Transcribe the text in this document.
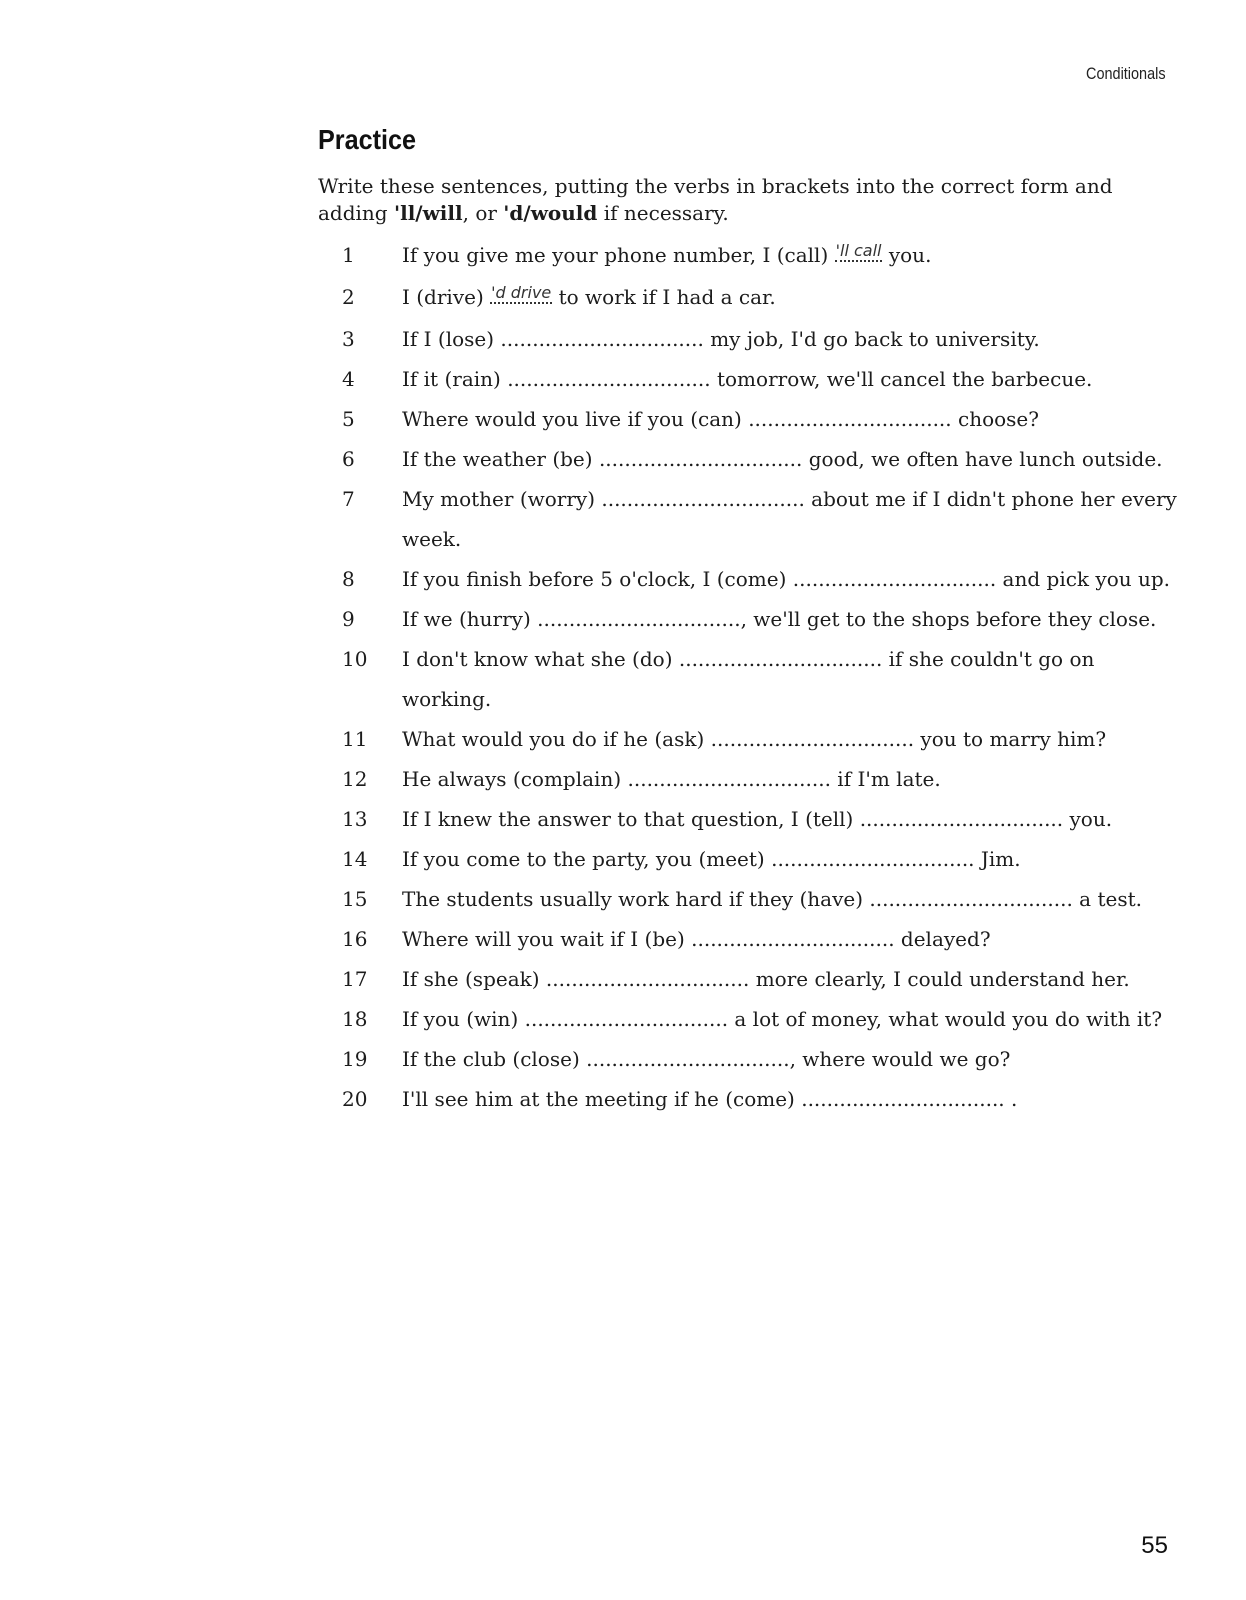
Conditionals
Practice

Write these sentences, putting the verbs in brackets into the correct form and adding 'll/will, or 'd/would if necessary.

1	If you give me your phone number, I (call) $^{'ll call}$ you.
2	I (drive) $^{'d drive}$ to work if I had a car.
3	If I (lose) ................................ my job, I'd go back to university.
4	If it (rain) ................................ tomorrow, we'll cancel the barbecue.
5	Where would you live if you (can) ................................ choose?
6	If the weather (be) ................................ good, we often have lunch outside.
7	My mother (worry) ................................ about me if I didn't phone her every week.
8	If you finish before 5 o'clock, I (come) ................................ and pick you up.
9	If we (hurry) ................................, we'll get to the shops before they close.
10	I don't know what she (do) ................................ if she couldn't go on working.
11	What would you do if he (ask) ................................ you to marry him?
12	He always (complain) ................................ if I'm late.
13	If I knew the answer to that question, I (tell) ................................ you.
14	If you come to the party, you (meet) ................................ Jim.
15	The students usually work hard if they (have) ................................ a test.
16	Where will you wait if I (be) ................................ delayed?
17	If she (speak) ................................ more clearly, I could understand her.
18	If you (win) ................................ a lot of money, what would you do with it?
19	If the club (close) ................................, where would we go?
20	I'll see him at the meeting if he (come) ................................ .
55
